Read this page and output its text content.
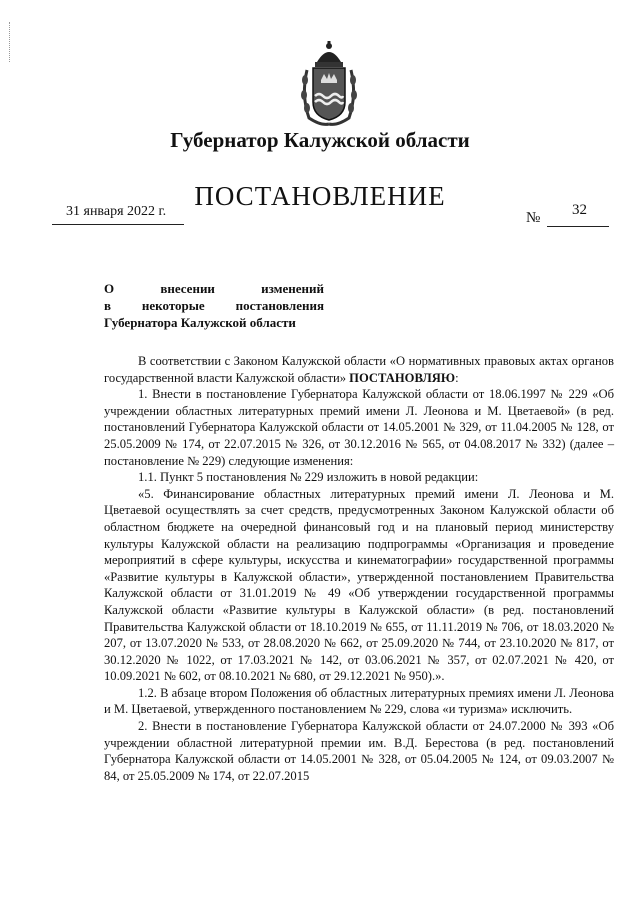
Губернатор Калужской области
ПОСТАНОВЛЕНИЕ
31 января 2022 г.	№ 32
О	внесении	изменений
в некоторые постановления
Губернатора Калужской области

В соответствии с Законом Калужской области «О нормативных правовых актах органов государственной власти Калужской области» ПОСТАНОВЛЯЮ:

1. Внести в постановление Губернатора Калужской области от 18.06.1997 № 229 «Об учреждении областных литературных премий имени Л. Леонова и М. Цветаевой» (в ред. постановлений Губернатора Калужской области от 14.05.2001 № 329, от 11.04.2005 № 128, от 25.05.2009 № 174, от 22.07.2015 № 326, от 30.12.2016 № 565, от 04.08.2017 № 332) (далее – постановление № 229) следующие изменения:

1.1. Пункт 5 постановления № 229 изложить в новой редакции:

«5. Финансирование областных литературных премий имени Л. Леонова и М. Цветаевой осуществлять за счет средств, предусмотренных Законом Калужской области об областном бюджете на очередной финансовый год и на плановый период министерству культуры Калужской области на реализацию подпрограммы «Организация и проведение мероприятий в сфере культуры, искусства и кинематографии» государственной программы «Развитие культуры в Калужской области», утвержденной постановлением Правительства Калужской области от 31.01.2019 № 49 «Об утверждении государственной программы Калужской области «Развитие культуры в Калужской области» (в ред. постановлений Правительства Калужской области от 18.10.2019 № 655, от 11.11.2019 № 706, от 18.03.2020 № 207, от 13.07.2020 № 533, от 28.08.2020 № 662, от 25.09.2020 № 744, от 23.10.2020 № 817, от 30.12.2020 № 1022, от 17.03.2021 № 142, от 03.06.2021 № 357, от 02.07.2021 № 420, от 10.09.2021 № 602, от 08.10.2021 № 680, от 29.12.2021 № 950).».

1.2. В абзаце втором Положения об областных литературных премиях имени Л. Леонова и М. Цветаевой, утвержденного постановлением № 229, слова «и туризма» исключить.

2. Внести в постановление Губернатора Калужской области от 24.07.2000 № 393 «Об учреждении областной литературной премии им. В.Д. Берестова (в ред. постановлений Губернатора Калужской области от 14.05.2001 № 328, от 05.04.2005 № 124, от 09.03.2007 № 84, от 25.05.2009 № 174, от 22.07.2015
